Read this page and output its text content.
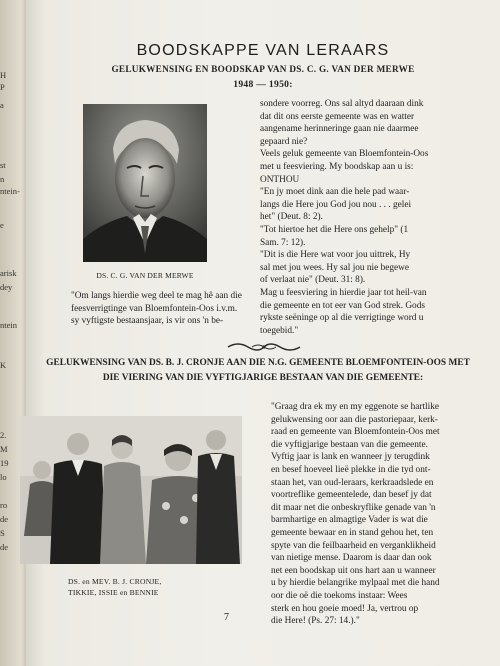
H
P
a
st
n
ntein-
e
arisk
dey
ntein
K
2.
M
19
lo
ro
de
S
de
BOODSKAPPE VAN LERAARS
GELUKWENSING EN BOODSKAP VAN DS. C. G. VAN DER MERWE
1948 — 1950:
DS. C. G. VAN DER MERWE
"Om langs hierdie weg deel te mag hê aan die
feesverrigtinge van Bloemfontein-Oos i.v.m.
sy vyftigste bestaansjaar, is vir ons 'n be-
sondere voorreg. Ons sal altyd daaraan dink
dat dit ons eerste gemeente was en watter
aangename herinneringe gaan nie daarmee
gepaard nie?
Veels geluk gemeente van Bloemfontein-Oos
met u feesviering. My boodskap aan u is:
ONTHOU
"En jy moet dink aan die hele pad waar-
langs die Here jou God jou nou . . . gelei
het" (Deut. 8: 2).
"Tot hiertoe het die Here ons gehelp" (1
Sam. 7: 12).
"Dit is die Here wat voor jou uittrek, Hy
sal met jou wees. Hy sal jou nie begewe
of verlaat nie" (Deut. 31: 8).
Mag u feesviering in hierdie jaar tot heil-van
die gemeente en tot eer van God strek. Gods
rykste seëninge op al die verrigtinge word u
toegebid."
GELUKWENSING VAN DS. B. J. CRONJE AAN DIE N.G. GEMEENTE BLOEMFONTEIN-OOS MET
DIE VIERING VAN DIE VYFTIGJARIGE BESTAAN VAN DIE GEMEENTE:
DS. en MEV. B. J. CRONJE,
TIKKIE, ISSIE en BENNIE
"Graag dra ek my en my eggenote se hartlike
gelukwensing oor aan die pastoriepaar, kerk-
raad en gemeente van Bloemfontein-Oos met
die vyftigjarige bestaan van die gemeente.
Vyftig jaar is lank en wanneer jy terugdink
en besef hoeveel lieë plekke in die tyd ont-
staan het, van oud-leraars, kerkraadslede en
voortreflike gemeentelede, dan besef jy dat
dit maar net die onbeskryflike genade van 'n
barmhartige en almagtige Vader is wat die
gemeente bewaar en in stand gehou het, ten
spyte van die feilbaarheid en verganklikheid
van nietige mense. Daarom is daar dan ook
net een boodskap uit ons hart aan u wanneer
u by hierdie belangrike mylpaal met die hand
oor die oë die toekoms instaar: Wees
sterk en hou goeie moed! Ja, vertrou op
die Here! (Ps. 27: 14.)."
7
